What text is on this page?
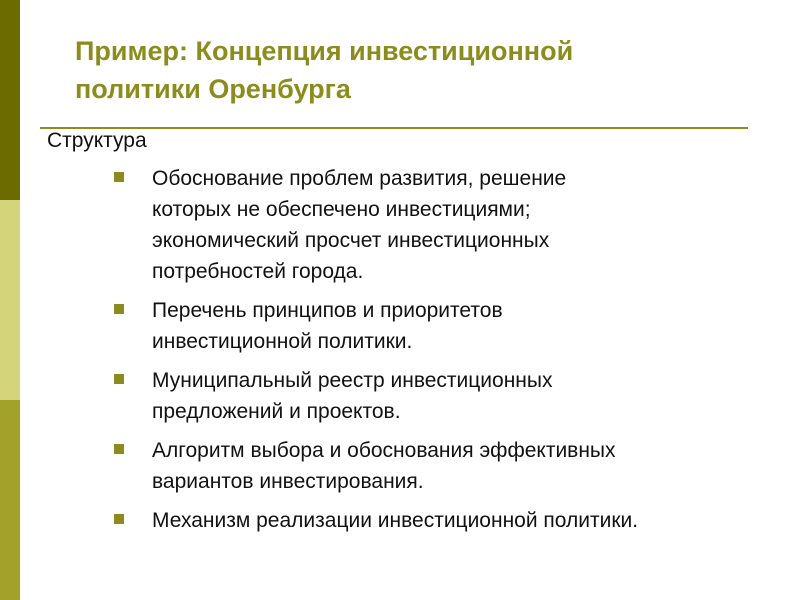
Пример: Концепция инвестиционной
политики Оренбурга
Структура
Обоснование проблем развития, решение
которых не обеспечено инвестициями;
экономический просчет инвестиционных
потребностей города.
Перечень принципов и приоритетов
инвестиционной политики.
Муниципальный реестр инвестиционных
предложений и проектов.
Алгоритм выбора и обоснования эффективных
вариантов инвестирования.
Механизм реализации инвестиционной политики.
